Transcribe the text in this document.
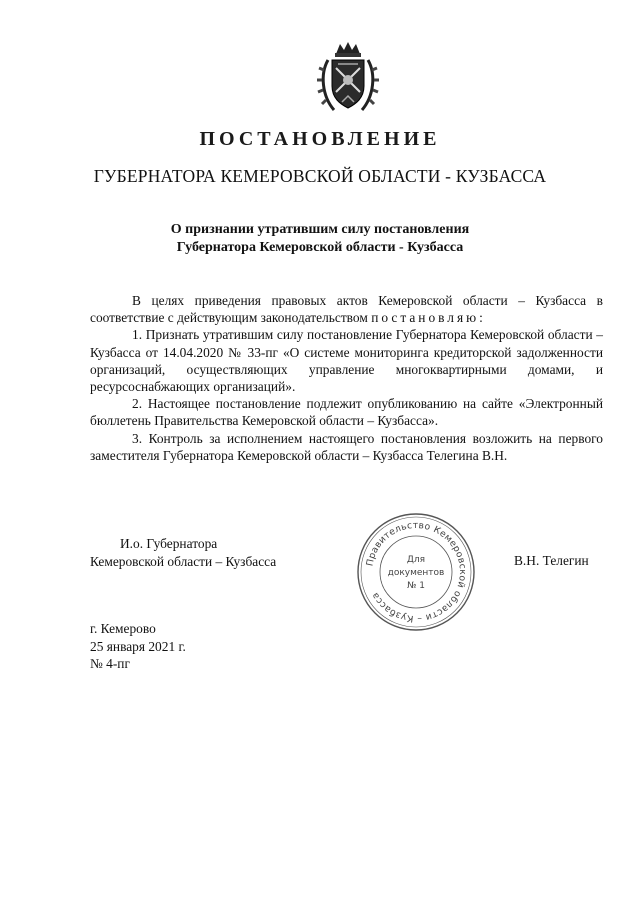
ПОСТАНОВЛЕНИЕ
ГУБЕРНАТОРА КЕМЕРОВСКОЙ ОБЛАСТИ - КУЗБАССА
О признании утратившим силу постановления
Губернатора Кемеровской области - Кузбасса

В целях приведения правовых актов Кемеровской области – Кузбасса в соответствие с действующим законодательством постановляю:

1. Признать утратившим силу постановление Губернатора Кемеровской области – Кузбасса от 14.04.2020 № 33-пг «О системе мониторинга кредиторской задолженности организаций, осуществляющих управление многоквартирными домами, и ресурсоснабжающих организаций».

2. Настоящее постановление подлежит опубликованию на сайте «Электронный бюллетень Правительства Кемеровской области – Кузбасса».

3. Контроль за исполнением настоящего постановления возложить на первого заместителя Губернатора Кемеровской области – Кузбасса Телегина В.Н.

И.о. Губернатора
Кемеровской области – Кузбасса	Правительство Кемеровской области – Кузбасса
Для
документов
№ 1
В.Н. Телегин
г. Кемерово
25 января 2021 г.
№ 4-пг
